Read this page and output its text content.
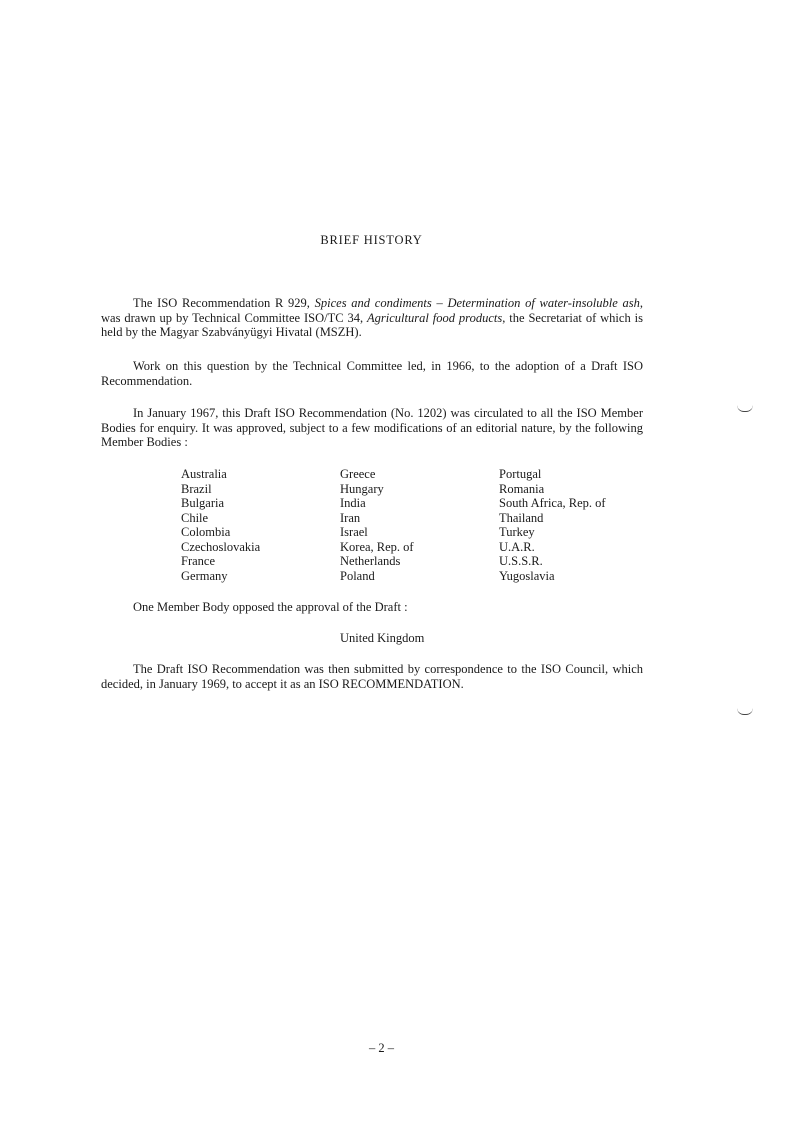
BRIEF HISTORY

The ISO Recommendation R 929, Spices and condiments – Determination of water-insoluble ash, was drawn up by Technical Committee ISO/TC 34, Agricultural food products, the Secretariat of which is held by the Magyar Szabványügyi Hivatal (MSZH).

Work on this question by the Technical Committee led, in 1966, to the adoption of a Draft ISO Recommendation.

In January 1967, this Draft ISO Recommendation (No. 1202) was circulated to all the ISO Member Bodies for enquiry. It was approved, subject to a few modifications of an editorial nature, by the following Member Bodies :

Australia
Brazil
Bulgaria
Chile
Colombia
Czechoslovakia
France
Germany
Greece
Hungary
India
Iran
Israel
Korea, Rep. of
Netherlands
Poland
Portugal
Romania
South Africa, Rep. of
Thailand
Turkey
U.A.R.
U.S.S.R.
Yugoslavia

One Member Body opposed the approval of the Draft :

United Kingdom

The Draft ISO Recommendation was then submitted by correspondence to the ISO Council, which decided, in January 1969, to accept it as an ISO RECOMMENDATION.

– 2 –
